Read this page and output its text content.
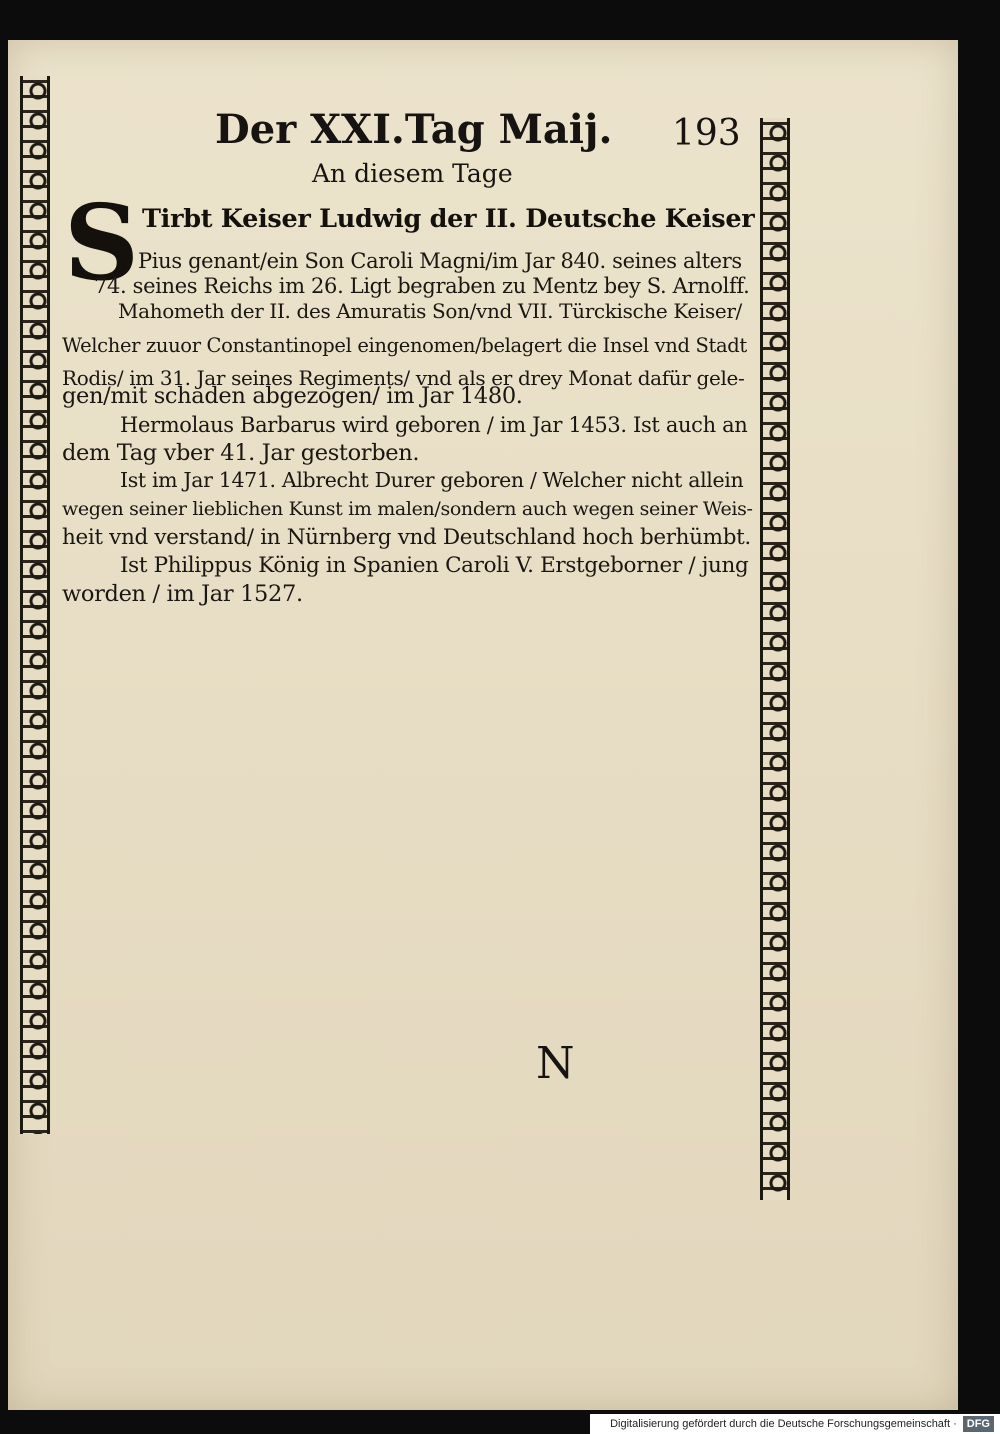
Der XXI.Tag Maij.	193
An diesem Tage
S Tirbt Keiser Ludwig der II. Deutsche Keiser
Pius genant/ein Son Caroli Magni/im Jar 840. seines alters
74. seines Reichs im 26. Ligt begraben zu Mentz bey S. Arnolff.
Mahometh der II. des Amuratis Son/vnd VII. Türckische Keiser/
Welcher zuuor Constantinopel eingenomen/belagert die Insel vnd Stadt
Rodis/ im 31. Jar seines Regiments/ vnd als er drey Monat dafür gele-
gen/mit schaden abgezogen/ im Jar 1480.
Hermolaus Barbarus wird geboren / im Jar 1453. Ist auch an
dem Tag vber 41. Jar gestorben.
Ist im Jar 1471. Albrecht Durer geboren / Welcher nicht allein
wegen seiner lieblichen Kunst im malen/sondern auch wegen seiner Weis-
heit vnd verstand/ in Nürnberg vnd Deutschland hoch berhümbt.
Ist Philippus König in Spanien Caroli V. Erstgeborner / jung
worden / im Jar 1527.
N
Digitalisierung gefördert durch die Deutsche Forschungsgemeinschaft · DFG
